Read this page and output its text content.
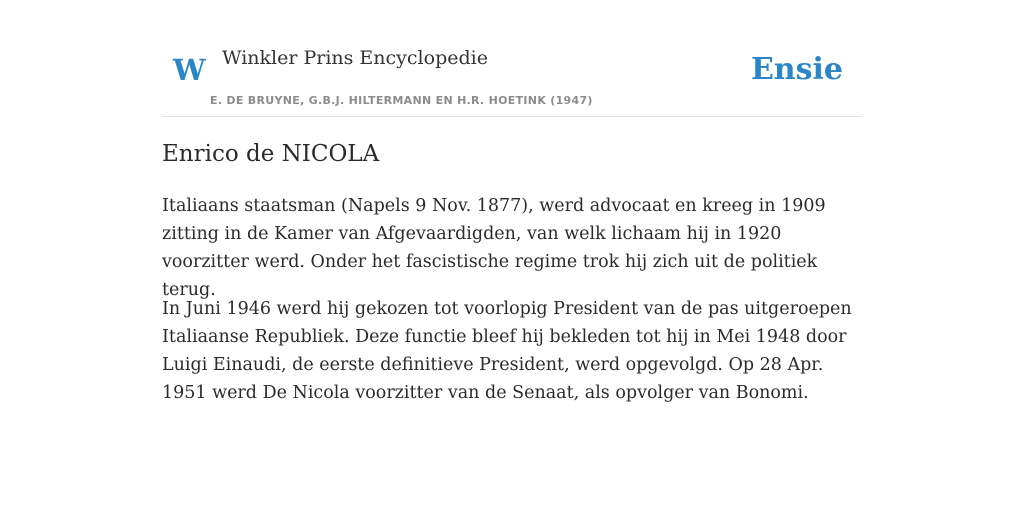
W Winkler Prins Encyclopedie
E. DE BRUYNE, G.B.J. HILTERMANN EN H.R. HOETINK (1947)
Ensie
Enrico de NICOLA

Italiaans staatsman (Napels 9 Nov. 1877), werd advocaat en kreeg in 1909 zitting in de Kamer van Afgevaardigden, van welk lichaam hij in 1920 voorzitter werd. Onder het fascistische regime trok hij zich uit de politiek terug.

In Juni 1946 werd hij gekozen tot voorlopig President van de pas uitgeroepen Italiaanse Republiek. Deze functie bleef hij bekleden tot hij in Mei 1948 door Luigi Einaudi, de eerste definitieve President, werd opgevolgd. Op 28 Apr. 1951 werd De Nicola voorzitter van de Senaat, als opvolger van Bonomi.
